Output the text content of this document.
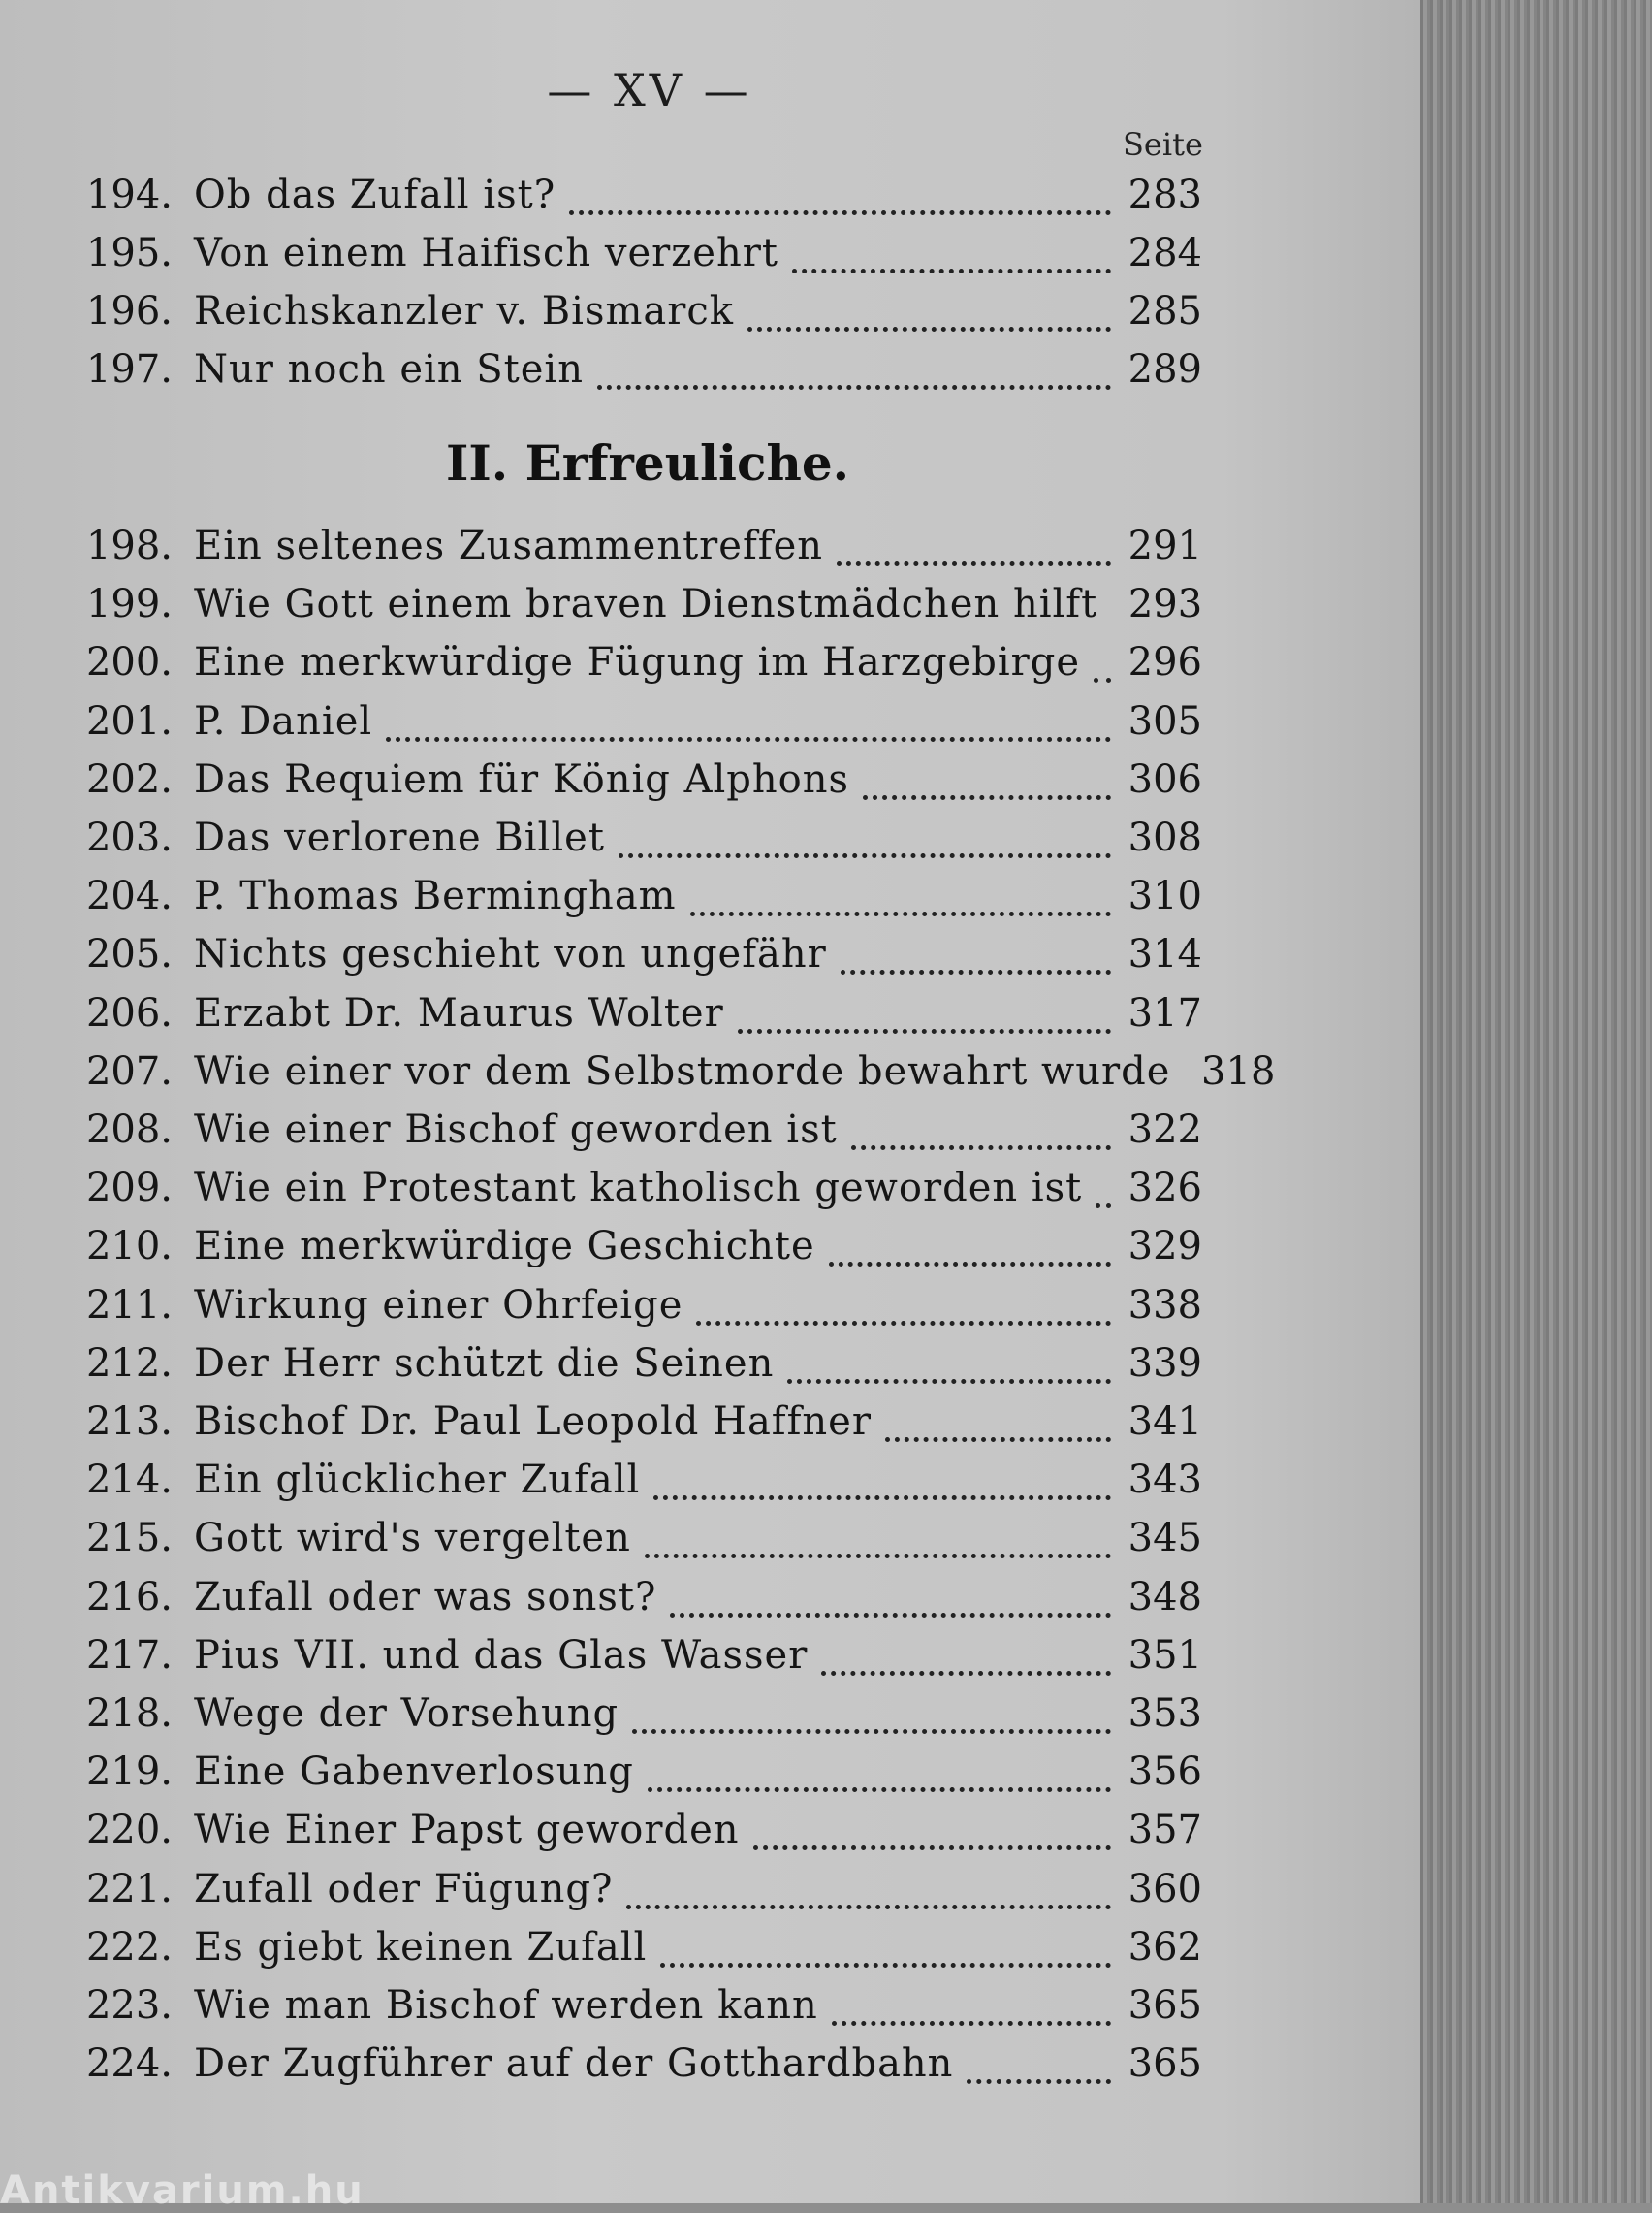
— XV —
Seite
II. Erfreuliche.
194. Ob das Zufall ist?	283
195. Von einem Haifisch verzehrt	284
196. Reichskanzler v. Bismarck	285
197. Nur noch ein Stein	289
198. Ein seltenes Zusammentreffen	291
199. Wie Gott einem braven Dienstmädchen hilft 293
200. Eine merkwürdige Fügung im Harzgebirge 296
201. P. Daniel	305
202. Das Requiem für König Alphons	306
203. Das verlorene Billet	308
204. P. Thomas Bermingham	310
205. Nichts geschieht von ungefähr	314
206. Erzabt Dr. Maurus Wolter	317
207. Wie einer vor dem Selbstmorde bewahrt wurde 318
208. Wie einer Bischof geworden ist	322
209. Wie ein Protestant katholisch geworden ist 326
210. Eine merkwürdige Geschichte	329
211. Wirkung einer Ohrfeige	338
212. Der Herr schützt die Seinen	339
213. Bischof Dr. Paul Leopold Haffner	341
214. Ein glücklicher Zufall	343
215. Gott wird's vergelten	345
216. Zufall oder was sonst?	348
217. Pius VII. und das Glas Wasser	351
218. Wege der Vorsehung	353
219. Eine Gabenverlosung	356
220. Wie Einer Papst geworden	357
221. Zufall oder Fügung?	360
222. Es giebt keinen Zufall	362
223. Wie man Bischof werden kann	365
224. Der Zugführer auf der Gotthardbahn	365
Antikvarium.hu
